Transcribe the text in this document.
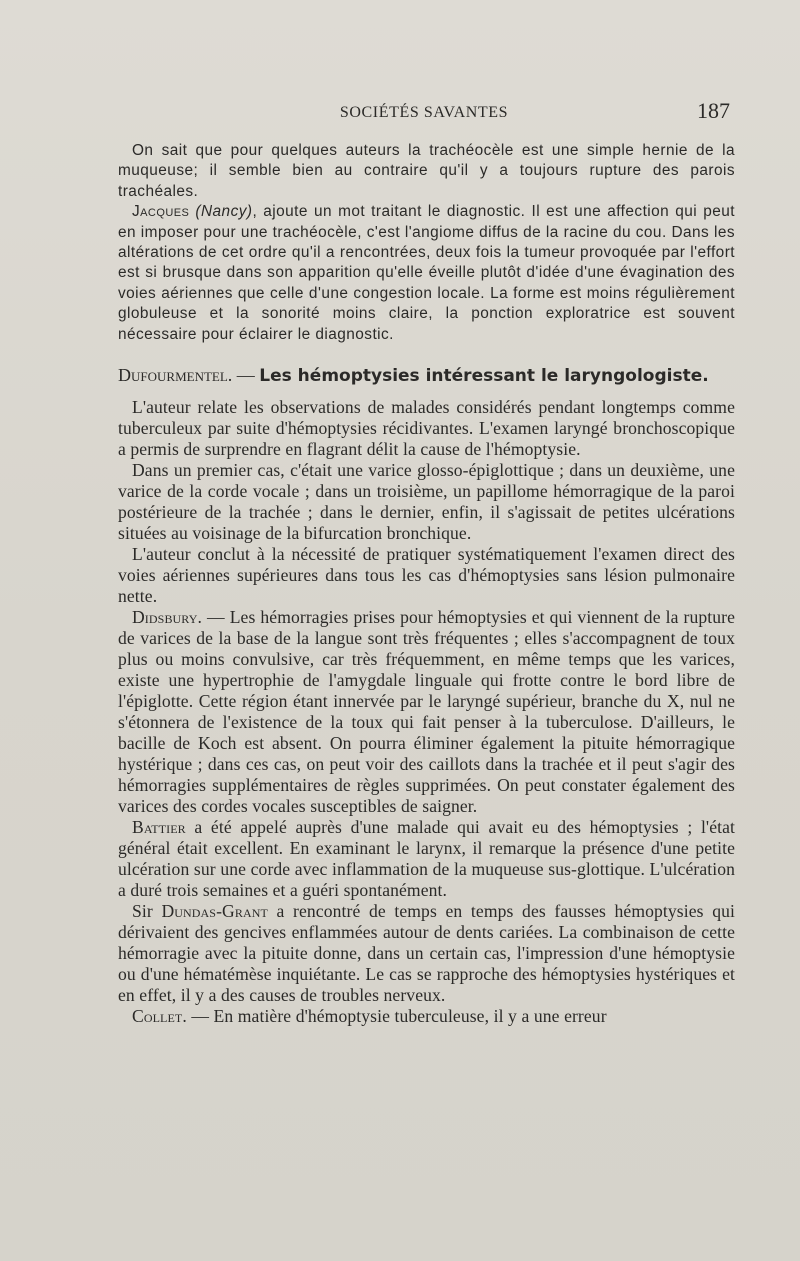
SOCIÉTÉS SAVANTES	187

On sait que pour quelques auteurs la trachéocèle est une simple hernie de la muqueuse; il semble bien au contraire qu'il y a toujours rupture des parois trachéales.

Jacques (Nancy), ajoute un mot traitant le diagnostic. Il est une affection qui peut en imposer pour une trachéocèle, c'est l'angiome diffus de la racine du cou. Dans les altérations de cet ordre qu'il a rencontrées, deux fois la tumeur provoquée par l'effort est si brusque dans son apparition qu'elle éveille plutôt d'idée d'une évagination des voies aériennes que celle d'une congestion locale. La forme est moins régulièrement globuleuse et la sonorité moins claire, la ponction exploratrice est souvent nécessaire pour éclairer le diagnostic.

Dufourmentel. — Les hémoptysies intéressant le laryngologiste.

L'auteur relate les observations de malades considérés pendant longtemps comme tuberculeux par suite d'hémoptysies récidivantes. L'examen laryngé bronchoscopique a permis de surprendre en flagrant délit la cause de l'hémoptysie.

Dans un premier cas, c'était une varice glosso-épiglottique ; dans un deuxième, une varice de la corde vocale ; dans un troisième, un papillome hémorragique de la paroi postérieure de la trachée ; dans le dernier, enfin, il s'agissait de petites ulcérations situées au voisinage de la bifurcation bronchique.

L'auteur conclut à la nécessité de pratiquer systématiquement l'examen direct des voies aériennes supérieures dans tous les cas d'hémoptysies sans lésion pulmonaire nette.

Didsbury. — Les hémorragies prises pour hémoptysies et qui viennent de la rupture de varices de la base de la langue sont très fréquentes ; elles s'accompagnent de toux plus ou moins convulsive, car très fréquemment, en même temps que les varices, existe une hypertrophie de l'amygdale linguale qui frotte contre le bord libre de l'épiglotte. Cette région étant innervée par le laryngé supérieur, branche du X, nul ne s'étonnera de l'existence de la toux qui fait penser à la tuberculose. D'ailleurs, le bacille de Koch est absent. On pourra éliminer également la pituite hémorragique hystérique ; dans ces cas, on peut voir des caillots dans la trachée et il peut s'agir des hémorragies supplémentaires de règles supprimées. On peut constater également des varices des cordes vocales susceptibles de saigner.

Battier a été appelé auprès d'une malade qui avait eu des hémoptysies ; l'état général était excellent. En examinant le larynx, il remarque la présence d'une petite ulcération sur une corde avec inflammation de la muqueuse sus-glottique. L'ulcération a duré trois semaines et a guéri spontanément.

Sir Dundas-Grant a rencontré de temps en temps des fausses hémoptysies qui dérivaient des gencives enflammées autour de dents cariées. La combinaison de cette hémorragie avec la pituite donne, dans un certain cas, l'impression d'une hémoptysie ou d'une hématémèse inquiétante. Le cas se rapproche des hémoptysies hystériques et en effet, il y a des causes de troubles nerveux.

Collet. — En matière d'hémoptysie tuberculeuse, il y a une erreur
